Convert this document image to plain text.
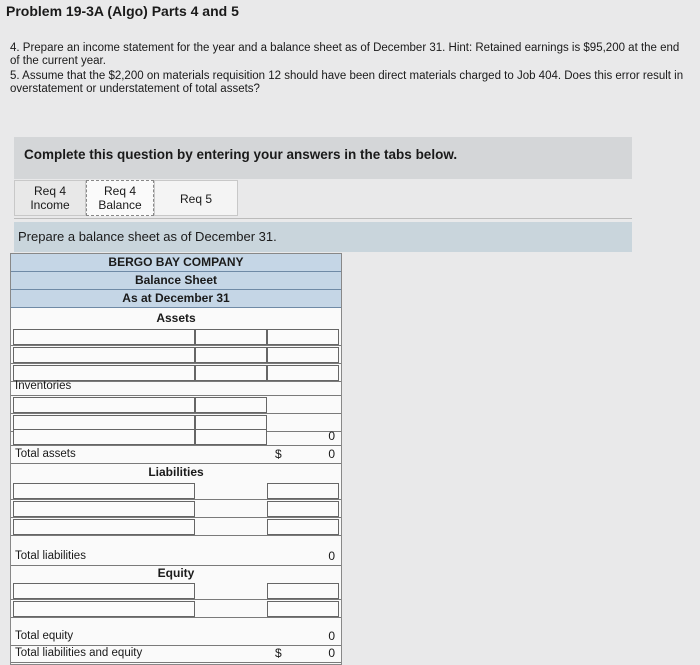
Problem 19-3A (Algo) Parts 4 and 5
4. Prepare an income statement for the year and a balance sheet as of December 31. Hint: Retained earnings is $95,200 at the end of the current year.
5. Assume that the $2,200 on materials requisition 12 should have been direct materials charged to Job 404. Does this error result in overstatement or understatement of total assets?
Complete this question by entering your answers in the tabs below.
Req 4
Income
Req 4
Balance	Req 5
Prepare a balance sheet as of December 31.
BERGO BAY COMPANY
Balance Sheet
As at December 31
Assets
Inventories
0
Total assets	$	0
Liabilities
Total liabilities	0
Equity
Total equity	0
Total liabilities and equity	$	0
